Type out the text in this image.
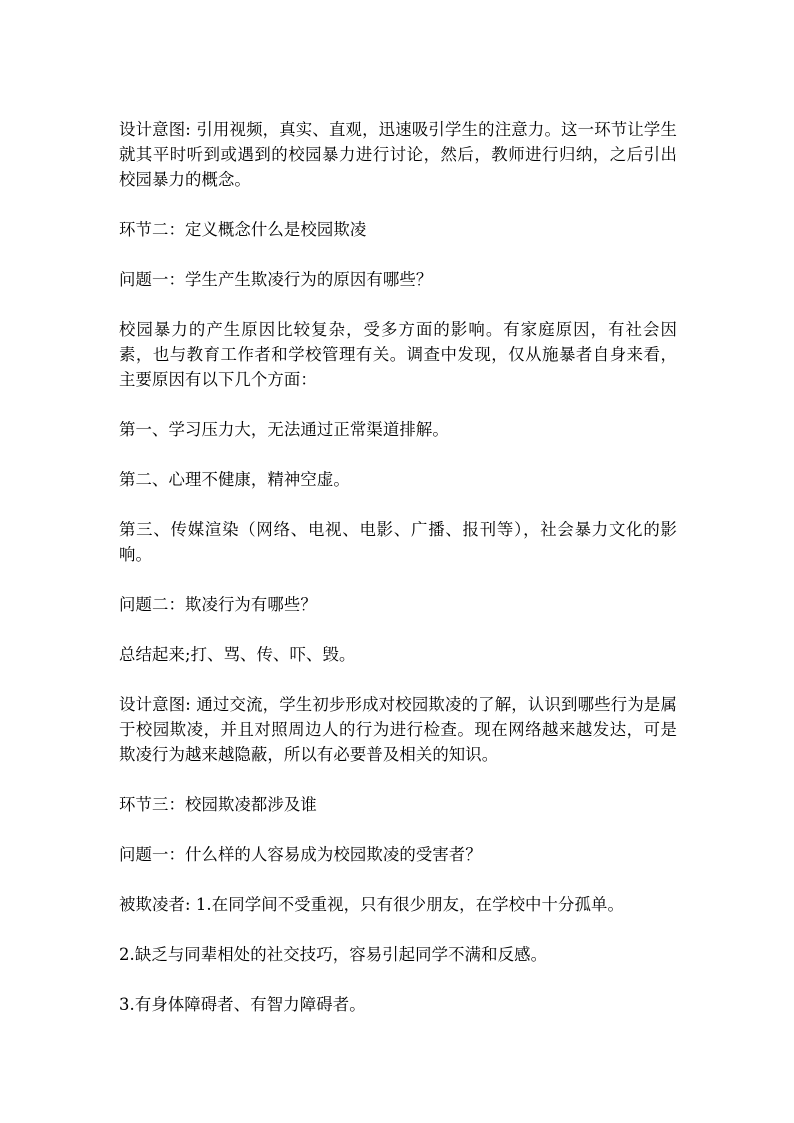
设计意图: 引用视频，真实、直观，迅速吸引学生的注意力。这一环节让学生就其平时听到或遇到的校园暴力进行讨论，然后，教师进行归纳，之后引出校园暴力的概念。

环节二：定义概念什么是校园欺凌

问题一：学生产生欺凌行为的原因有哪些？

校园暴力的产生原因比较复杂，受多方面的影响。有家庭原因，有社会因素，也与教育工作者和学校管理有关。调查中发现，仅从施暴者自身来看，主要原因有以下几个方面：

第一、学习压力大，无法通过正常渠道排解。

第二、心理不健康，精神空虚。

第三、传媒渲染（网络、电视、电影、广播、报刊等），社会暴力文化的影响。

问题二：欺凌行为有哪些？

总结起来;打、骂、传、吓、毁。

设计意图: 通过交流，学生初步形成对校园欺凌的了解，认识到哪些行为是属于校园欺凌，并且对照周边人的行为进行检查。现在网络越来越发达，可是欺凌行为越来越隐蔽，所以有必要普及相关的知识。

环节三：校园欺凌都涉及谁

问题一：什么样的人容易成为校园欺凌的受害者？

被欺凌者: 1.在同学间不受重视，只有很少朋友，在学校中十分孤单。

2.缺乏与同辈相处的社交技巧，容易引起同学不满和反感。

3.有身体障碍者、有智力障碍者。
